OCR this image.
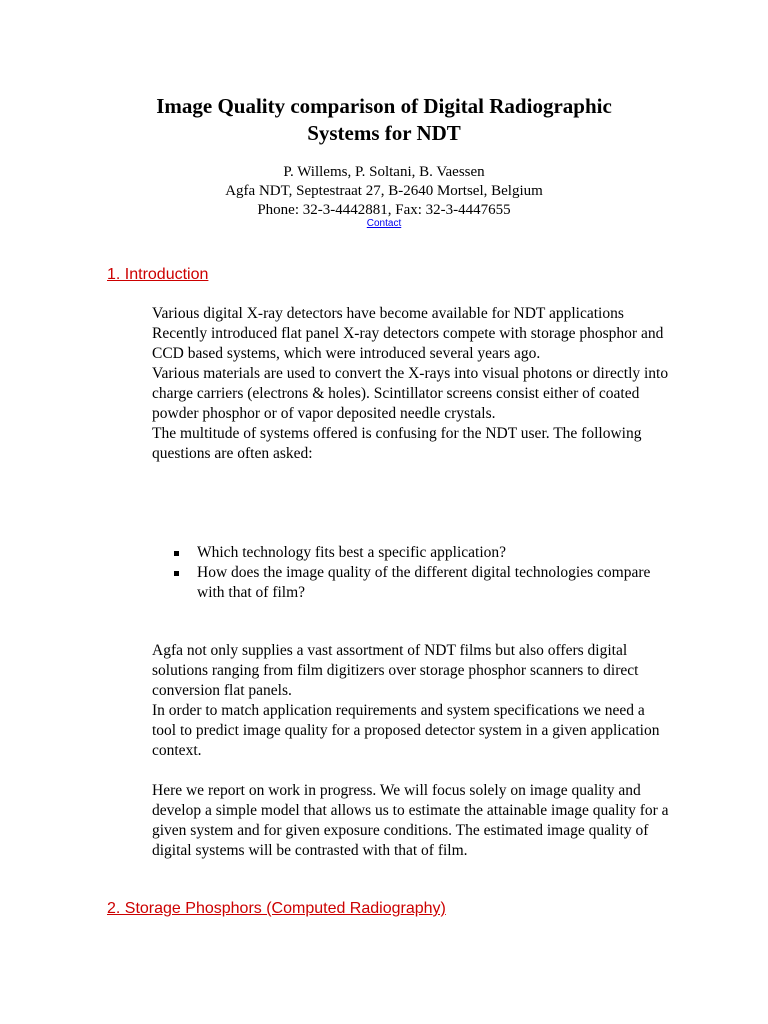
Image Quality comparison of Digital Radiographic
Systems for NDT
P. Willems, P. Soltani, B. Vaessen
Agfa NDT, Septestraat 27, B-2640 Mortsel, Belgium
Phone: 32-3-4442881, Fax: 32-3-4447655
Contact
1. Introduction

Various digital X-ray detectors have become available for NDT applications

Recently introduced flat panel X-ray detectors compete with storage phosphor and CCD based systems, which were introduced several years ago.

Various materials are used to convert the X-rays into visual photons or directly into charge carriers (electrons & holes). Scintillator screens consist either of coated powder phosphor or of vapor deposited needle crystals.

The multitude of systems offered is confusing for the NDT user. The following questions are often asked:

Which technology fits best a specific application?
How does the image quality of the different digital technologies compare with that of film?

Agfa not only supplies a vast assortment of NDT films but also offers digital solutions ranging from film digitizers over storage phosphor scanners to direct conversion flat panels.

In order to match application requirements and system specifications we need a tool to predict image quality for a proposed detector system in a given application context.

Here we report on work in progress. We will focus solely on image quality and develop a simple model that allows us to estimate the attainable image quality for a given system and for given exposure conditions. The estimated image quality of digital systems will be contrasted with that of film.

2. Storage Phosphors (Computed Radiography)
